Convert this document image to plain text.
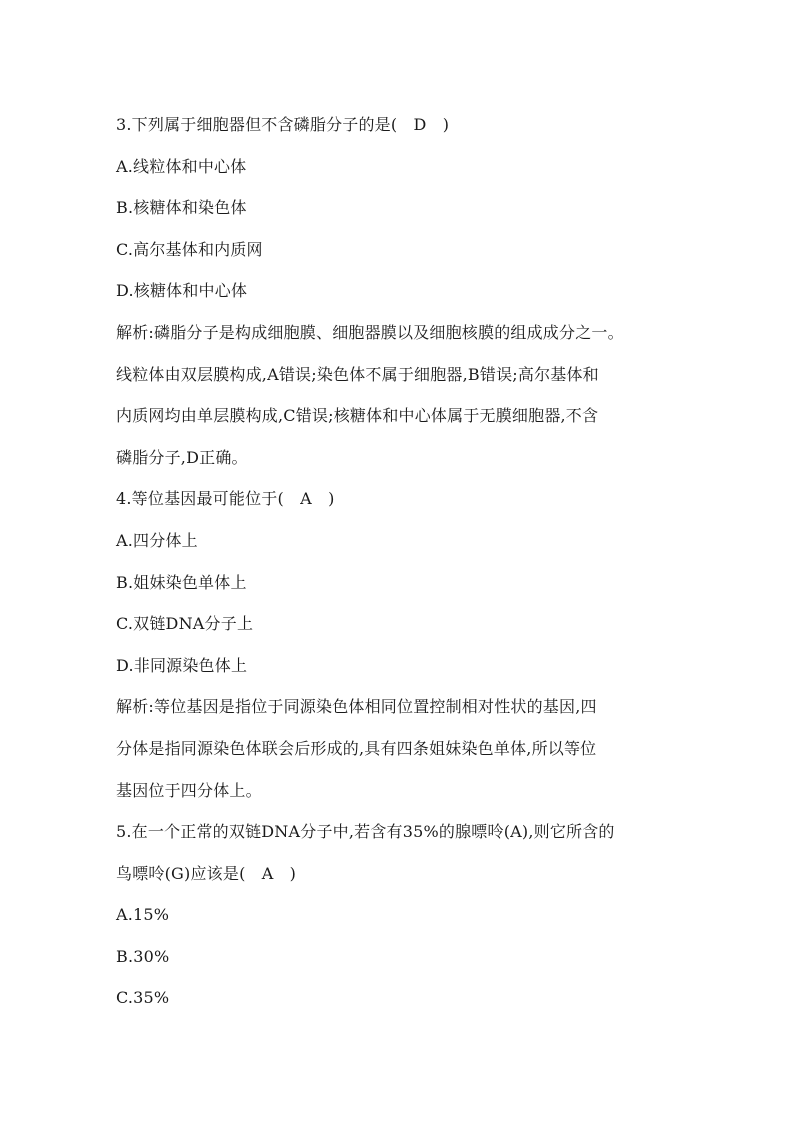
3.下列属于细胞器但不含磷脂分子的是(　D　)
A.线粒体和中心体
B.核糖体和染色体
C.高尔基体和内质网
D.核糖体和中心体
解析:磷脂分子是构成细胞膜、细胞器膜以及细胞核膜的组成成分之一。
线粒体由双层膜构成,A错误;染色体不属于细胞器,B错误;高尔基体和
内质网均由单层膜构成,C错误;核糖体和中心体属于无膜细胞器,不含
磷脂分子,D正确。
4.等位基因最可能位于(　A　)
A.四分体上
B.姐妹染色单体上
C.双链DNA分子上
D.非同源染色体上
解析:等位基因是指位于同源染色体相同位置控制相对性状的基因,四
分体是指同源染色体联会后形成的,具有四条姐妹染色单体,所以等位
基因位于四分体上。
5.在一个正常的双链DNA分子中,若含有35%的腺嘌呤(A),则它所含的
鸟嘌呤(G)应该是(　A　)
A.15%
B.30%
C.35%
